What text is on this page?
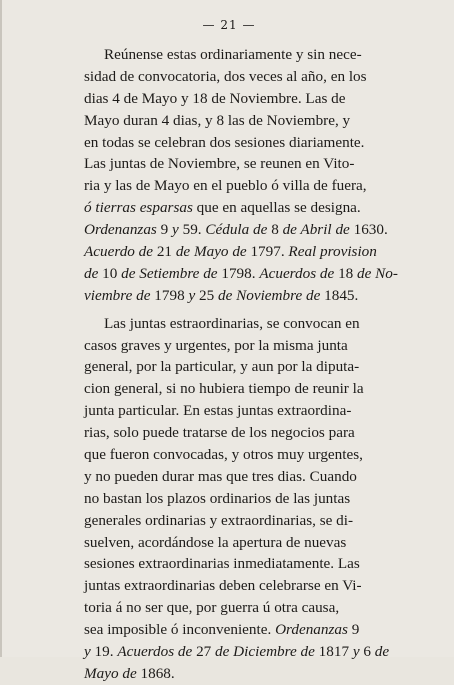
— 21 —
Reúnense estas ordinariamente y sin nece-
sidad de convocatoria, dos veces al año, en los
dias 4 de Mayo y 18 de Noviembre. Las de
Mayo duran 4 dias, y 8 las de Noviembre, y
en todas se celebran dos sesiones diariamente.
Las juntas de Noviembre, se reunen en Vito-
ria y las de Mayo en el pueblo ó villa de fuera,
ó tierras esparsas que en aquellas se designa.
Ordenanzas 9 y 59. Cédula de 8 de Abril de 1630.
Acuerdo de 21 de Mayo de 1797. Real provision
de 10 de Setiembre de 1798. Acuerdos de 18 de No-
viembre de 1798 y 25 de Noviembre de 1845.
Las juntas estraordinarias, se convocan en
casos graves y urgentes, por la misma junta
general, por la particular, y aun por la diputa-
cion general, si no hubiera tiempo de reunir la
junta particular. En estas juntas extraordina-
rias, solo puede tratarse de los negocios para
que fueron convocadas, y otros muy urgentes,
y no pueden durar mas que tres dias. Cuando
no bastan los plazos ordinarios de las juntas
generales ordinarias y extraordinarias, se di-
suelven, acordándose la apertura de nuevas
sesiones extraordinarias inmediatamente. Las
juntas extraordinarias deben celebrarse en Vi-
toria á no ser que, por guerra ú otra causa,
sea imposible ó inconveniente. Ordenanzas 9
y 19. Acuerdos de 27 de Diciembre de 1817 y 6 de
Mayo de 1868.
